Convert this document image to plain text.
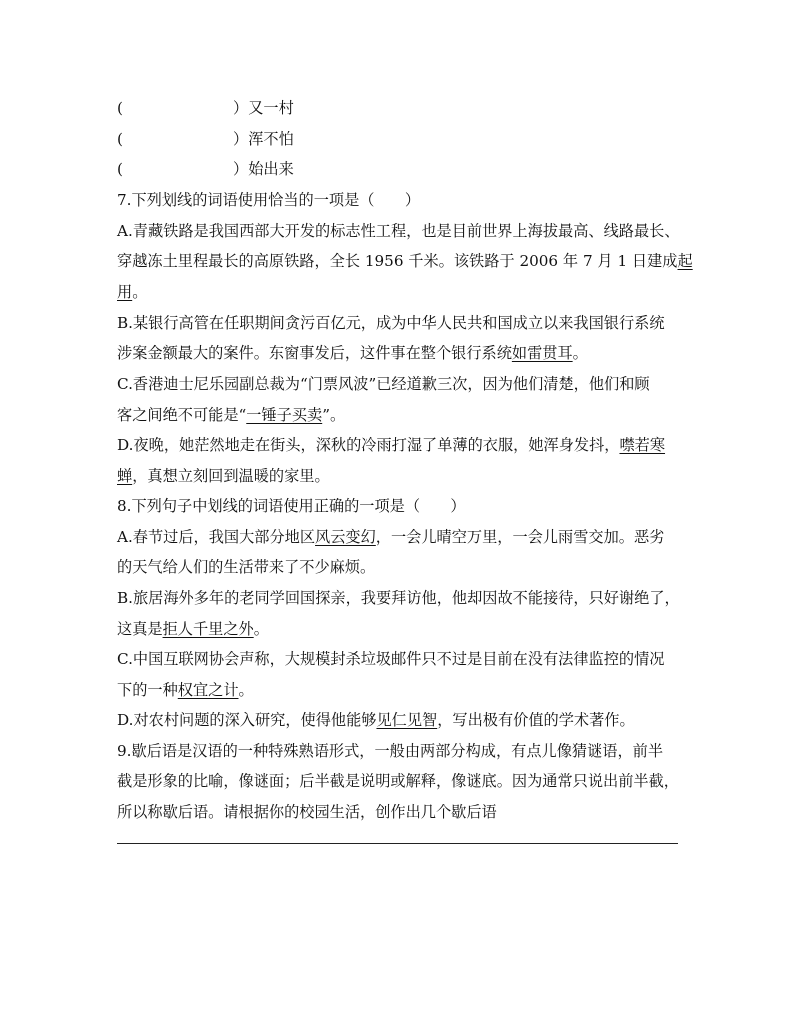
(	）又一村
(	）浑不怕
(	）始出来
7.下列划线的词语使用恰当的一项是（　　）
A.青藏铁路是我国西部大开发的标志性工程，也是目前世界上海拔最高、线路最长、
穿越冻土里程最长的高原铁路，全长 1956 千米。该铁路于 2006 年 7 月 1 日建成起
用。
B.某银行高管在任职期间贪污百亿元，成为中华人民共和国成立以来我国银行系统
涉案金额最大的案件。东窗事发后，这件事在整个银行系统如雷贯耳。
C.香港迪士尼乐园副总裁为“门票风波”已经道歉三次，因为他们清楚，他们和顾
客之间绝不可能是“一锤子买卖”。
D.夜晚，她茫然地走在街头，深秋的冷雨打湿了单薄的衣服，她浑身发抖，噤若寒
蝉，真想立刻回到温暖的家里。
8.下列句子中划线的词语使用正确的一项是（　　）
A.春节过后，我国大部分地区风云变幻，一会儿晴空万里，一会儿雨雪交加。恶劣
的天气给人们的生活带来了不少麻烦。
B.旅居海外多年的老同学回国探亲，我要拜访他，他却因故不能接待，只好谢绝了，
这真是拒人千里之外。
C.中国互联网协会声称，大规模封杀垃圾邮件只不过是目前在没有法律监控的情况
下的一种权宜之计。
D.对农村问题的深入研究，使得他能够见仁见智，写出极有价值的学术著作。
9.歇后语是汉语的一种特殊熟语形式，一般由两部分构成，有点儿像猜谜语，前半
截是形象的比喻，像谜面；后半截是说明或解释，像谜底。因为通常只说出前半截，
所以称歇后语。请根据你的校园生活，创作出几个歇后语
